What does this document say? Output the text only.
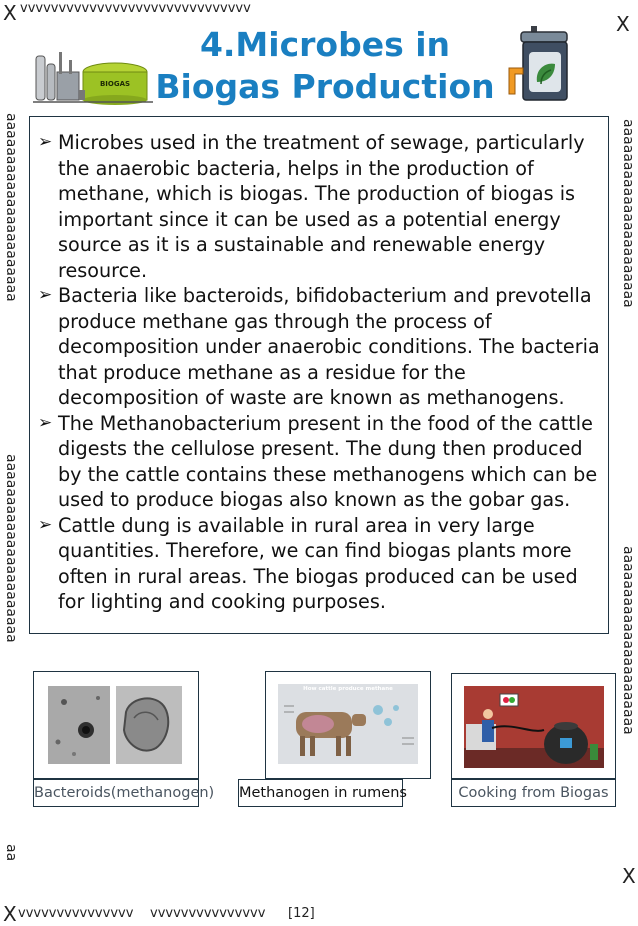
X vvvvvvvvvvvvvvvvvvvvvvvvvvvvvv
X
aaaaaaaaaaaaaaaaaaaaaa
aaaaaaaaaaaaaaaaaaaaaa
aa
aaaaaaaaaaaaaaaaaaaaaa
aaaaaaaaaaaaaaaaaaaaaa
X vvvvvvvvvvvvvvv vvvvvvvvvvvvvvv [12]
X
BIOGAS
4.Microbes in
Biogas Production
➢ Microbes used in the treatment of sewage, particularly the anaerobic bacteria, helps in the production of methane, which is biogas. The production of biogas is important since it can be used as a potential energy source as it is a sustainable and renewable energy resource.
➢ Bacteria like bacteroids, bifidobacterium and prevotella produce methane gas through the process of decomposition under anaerobic conditions. The bacteria that produce methane as a residue for the decomposition of waste are known as methanogens.
➢ The Methanobacterium present in the food of the cattle digests the cellulose present. The dung then produced by the cattle contains these methanogens which can be used to produce biogas also known as the gobar gas.
➢ Cattle dung is available in rural area in very large quantities. Therefore, we can find biogas plants more often in rural areas. The biogas produced can be used for lighting and cooking purposes.
Bacteroids(methanogen)
How cattle produce methane
Methanogen in rumens	Cooking from Biogas
